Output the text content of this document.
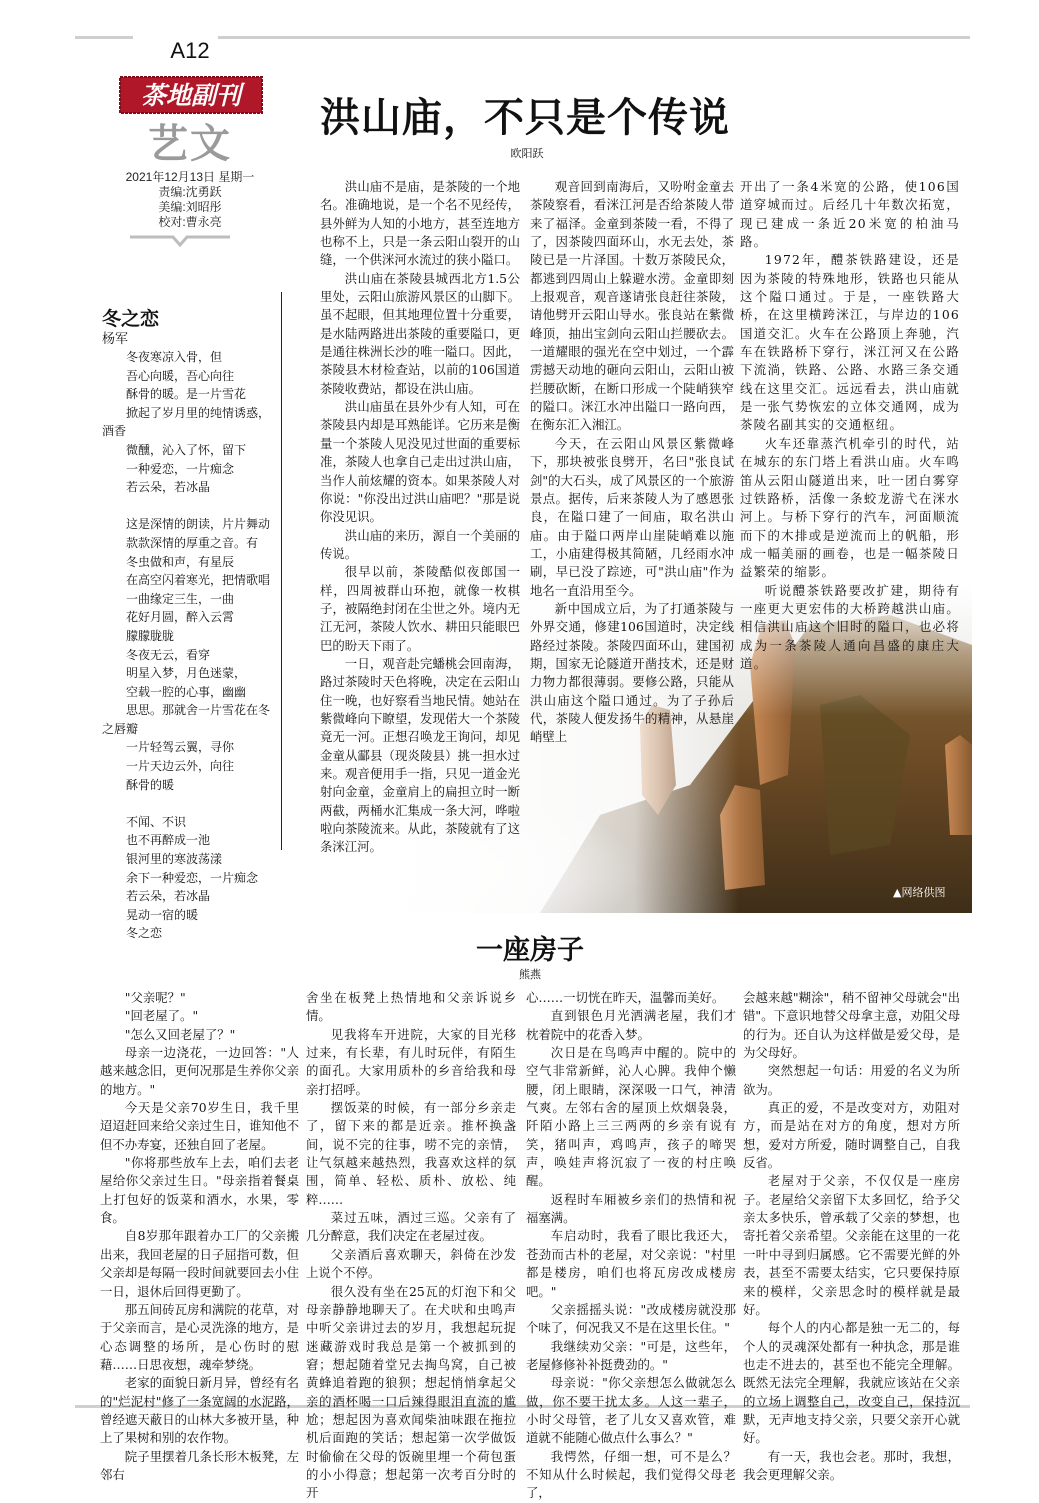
A12
茶地副刊
艺文
2021年12月13日 星期一
责编:沈勇跃
美编:刘昭彤
校对:曹永亮
冬之恋
杨军
冬夜寒凉入骨，但
吾心向暖，吾心向往
酥骨的暖。是一片雪花
掀起了岁月里的纯情诱惑，酒香
微醺，沁入了怀，留下
一种爱恋，一片痴念
若云朵，若冰晶
这是深情的朗读，片片舞动
款款深情的厚重之音。有
冬虫做和声，有星辰
在高空闪着寒光，把情歌唱
一曲缘定三生，一曲
花好月圆，醉入云霄
朦朦胧胧
冬夜无云，看穿
明星入梦，月色迷蒙，
空载一腔的心事，幽幽
思思。那就舍一片雪花在冬之唇瓣
一片轻驾云翼，寻你
一片天边云外，向往
酥骨的暖
不闻、不识
也不再醉成一池
银河里的寒波荡漾
余下一种爱恋，一片痴念
若云朵，若冰晶
晃动一宿的暖
冬之恋
洪山庙，不只是个传说
欧阳跃

洪山庙不是庙，是茶陵的一个地名。准确地说，是一个名不见经传，县外鲜为人知的小地方，甚至连地方也称不上，只是一条云阳山裂开的山缝，一个供洣河水流过的狭小隘口。

洪山庙在茶陵县城西北方1.5公里处，云阳山旅游风景区的山脚下。虽不起眼，但其地理位置十分重要，是水陆两路进出茶陵的重要隘口，更是通往株洲长沙的唯一隘口。因此，茶陵县木材检查站，以前的106国道茶陵收费站，都设在洪山庙。

洪山庙虽在县外少有人知，可在茶陵县内却是耳熟能详。它历来是衡量一个茶陵人见没见过世面的重要标准，茶陵人也拿自己走出过洪山庙，当作人前炫耀的资本。如果茶陵人对你说："你没出过洪山庙吧？"那是说你没见识。

洪山庙的来历，源自一个美丽的传说。

很早以前，茶陵酷似夜郎国一样，四周被群山环抱，就像一枚棋子，被隔绝封闭在尘世之外。境内无江无河，茶陵人饮水、耕田只能眼巴巴的盼天下雨了。

一日，观音赴完蟠桃会回南海，路过茶陵时天色将晚，决定在云阳山住一晚，也好察看当地民情。她站在紫微峰向下瞭望，发现偌大一个茶陵竟无一河。正想召唤龙王询问，却见金童从酃县（现炎陵县）挑一担水过来。观音便用手一指，只见一道金光射向金童，金童肩上的扁担立时一断两截，两桶水汇集成一条大河，哗啦啦向茶陵流来。从此，茶陵就有了这条洣江河。

观音回到南海后，又吩咐金童去茶陵察看，看洣江河是否给茶陵人带来了福泽。金童到茶陵一看，不得了了，因茶陵四面环山，水无去处，茶陵已是一片泽国。十数万茶陵民众，都逃到四周山上躲避水涝。金童即刻上报观音，观音遂请张良赶往茶陵，请他劈开云阳山导水。张良站在紫微峰顶，抽出宝剑向云阳山拦腰砍去。一道耀眼的强光在空中划过，一个霹雳撼天动地的砸向云阳山，云阳山被拦腰砍断，在断口形成一个陡峭狭窄的隘口。洣江水冲出隘口一路向西，在衡东汇入湘江。

今天，在云阳山风景区紫微峰下，那块被张良劈开，名曰"张良试剑"的大石头，成了风景区的一个旅游景点。据传，后来茶陵人为了感恩张良，在隘口建了一间庙，取名洪山庙。由于隘口两岸山崖陡峭难以施工，小庙建得极其简陋，几经雨水冲刷，早已没了踪迹，可"洪山庙"作为地名一直沿用至今。

新中国成立后，为了打通茶陵与外界交通，修建106国道时，决定线路经过茶陵。茶陵四面环山，建国初期，国家无论隧道开凿技术，还是财力物力都很薄弱。要修公路，只能从洪山庙这个隘口通过。为了子孙后代，茶陵人便发扬牛的精神，从悬崖峭壁上

开出了一条4米宽的公路，使106国道穿城而过。后经几十年数次拓宽，现已建成一条近20米宽的柏油马路。

1972年，醴茶铁路建设，还是因为茶陵的特殊地形，铁路也只能从这个隘口通过。于是，一座铁路大桥，在这里横跨洣江，与岸边的106国道交汇。火车在公路顶上奔驰，汽车在铁路桥下穿行，洣江河又在公路下流淌，铁路、公路、水路三条交通线在这里交汇。远远看去，洪山庙就是一张气势恢宏的立体交通网，成为茶陵名副其实的交通枢纽。

火车还靠蒸汽机牵引的时代，站在城东的东门塔上看洪山庙。火车鸣笛从云阳山隧道出来，吐一团白雾穿过铁路桥，活像一条蛟龙游弋在洣水河上。与桥下穿行的汽车，河面顺流而下的木排或是逆流而上的帆船，形成一幅美丽的画卷，也是一幅茶陵日益繁荣的缩影。

听说醴茶铁路要改扩建，期待有一座更大更宏伟的大桥跨越洪山庙。相信洪山庙这个旧时的隘口，也必将成为一条茶陵人通向昌盛的康庄大道。

▲网络供图
一座房子
熊燕

"父亲呢？"

"回老屋了。"

"怎么又回老屋了？"

母亲一边浇花，一边回答："人越来越念旧，更何况那是生养你父亲的地方。"

今天是父亲70岁生日，我千里迢迢赶回来给父亲过生日，谁知他不但不办寿宴，还独自回了老屋。

"你将那些放车上去，咱们去老屋给你父亲过生日。"母亲指着餐桌上打包好的饭菜和酒水，水果，零食。

自8岁那年跟着办工厂的父亲搬出来，我回老屋的日子屈指可数，但父亲却是每隔一段时间就要回去小住一日，退休后回得更勤了。

那五间砖瓦房和满院的花草，对于父亲而言，是心灵洗涤的地方，是心态调整的场所，是心伤时的慰藉……日思夜想，魂牵梦绕。

老家的面貌日新月异，曾经有名的"烂泥村"修了一条宽阔的水泥路，曾经遮天蔽日的山林大多被开垦，种上了果树和别的农作物。

院子里摆着几条长形木板凳，左邻右

舍坐在板凳上热情地和父亲诉说乡情。

见我将车开进院，大家的目光移过来，有长辈，有儿时玩伴，有陌生的面孔。大家用质朴的乡音给我和母亲打招呼。

摆饭菜的时候，有一部分乡亲走了，留下来的都是近亲。推杯换盏间，说不完的往事，唠不完的亲情，让气氛越来越热烈，我喜欢这样的氛围，简单、轻松、质朴、放松、纯粹……

菜过五味，酒过三巡。父亲有了几分醉意，我们决定在老屋过夜。

父亲酒后喜欢聊天，斜倚在沙发上说个不停。

很久没有坐在25瓦的灯泡下和父母亲静静地聊天了。在犬吠和虫鸣声中听父亲讲过去的岁月，我想起玩捉迷藏游戏时我总是第一个被抓到的窘；想起随着堂兄去掏鸟窝，自己被黄蜂追着跑的狼狈；想起悄悄拿起父亲的酒杯喝一口后辣得眼泪直流的尴尬；想起因为喜欢闻柴油味跟在拖拉机后面跑的笑话；想起第一次学做饭时偷偷在父母的饭碗里埋一个荷包蛋的小小得意；想起第一次考百分时的开

心……一切恍在昨天，温馨而美好。

直到银色月光洒满老屋，我们才枕着院中的花香入梦。

次日是在鸟鸣声中醒的。院中的空气非常新鲜，沁人心脾。我伸个懒腰，闭上眼睛，深深吸一口气，神清气爽。左邻右舍的屋顶上炊烟袅袅，阡陌小路上三三两两的乡亲有说有笑，猪叫声，鸡鸣声，孩子的啼哭声，唤娃声将沉寂了一夜的村庄唤醒。

返程时车厢被乡亲们的热情和祝福塞满。

车启动时，我看了眼比我还大，苍劲而古朴的老屋，对父亲说："村里都是楼房，咱们也将瓦房改成楼房吧。"

父亲摇摇头说："改成楼房就没那个味了，何况我又不是在这里长住。"

我继续劝父亲："可是，这些年，老屋修修补补挺费劲的。"

母亲说："你父亲想怎么做就怎么做，你不要干扰太多。人这一辈子，小时父母管，老了儿女又喜欢管，难道就不能随心做点什么事么？"

我愕然，仔细一想，可不是么？不知从什么时候起，我们觉得父母老了，

会越来越"糊涂"，稍不留神父母就会"出错"。下意识地替父母拿主意，劝阻父母的行为。还自认为这样做是爱父母，是为父母好。

突然想起一句话：用爱的名义为所欲为。

真正的爱，不是改变对方，劝阻对方，而是站在对方的角度，想对方所想，爱对方所爱，随时调整自己，自我反省。

老屋对于父亲，不仅仅是一座房子。老屋给父亲留下太多回忆，给予父亲太多快乐，曾承载了父亲的梦想，也寄托着父亲希望。父亲能在这里的一花一叶中寻到归属感。它不需要光鲜的外表，甚至不需要太结实，它只要保持原来的模样，父亲思念时的模样就是最好。

每个人的内心都是独一无二的，每个人的灵魂深处都有一种执念，那是谁也走不进去的，甚至也不能完全理解。既然无法完全理解，我就应该站在父亲的立场上调整自己，改变自己，保持沉默，无声地支持父亲，只要父亲开心就好。

有一天，我也会老。那时，我想，我会更理解父亲。
